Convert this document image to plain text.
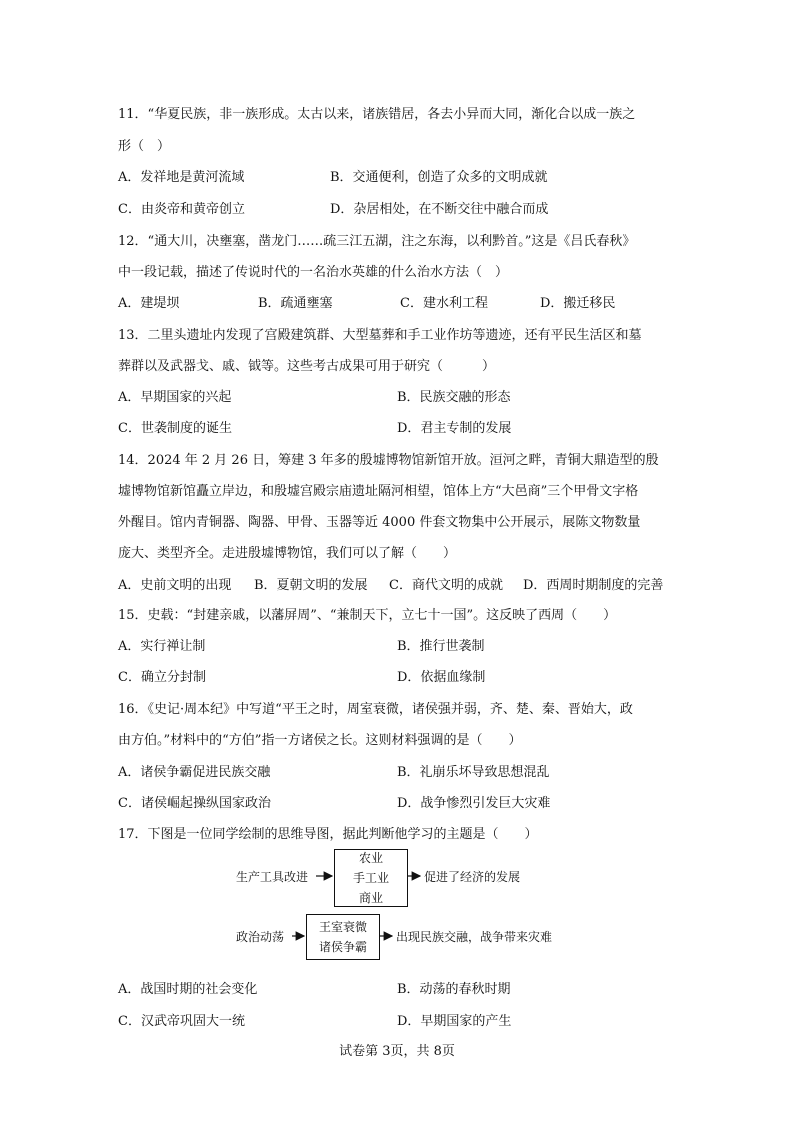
11．“华夏民族，非一族形成。太古以来，诸族错居，各去小异而大同，渐化合以成一族之
形（　）
A．发祥地是黄河流域	B．交通便利，创造了众多的文明成就
C．由炎帝和黄帝创立	D．杂居相处，在不断交往中融合而成
12．“通大川，决壅塞，凿龙门……疏三江五湖，注之东海，以利黔首。”这是《吕氏春秋》
中一段记载，描述了传说时代的一名治水英雄的什么治水方法（　）
A．建堤坝	B．疏通壅塞	C．建水利工程	D．搬迁移民
13．二里头遗址内发现了宫殿建筑群、大型墓葬和手工业作坊等遗迹，还有平民生活区和墓
葬群以及武器戈、戚、钺等。这些考古成果可用于研究（　　　）
A．早期国家的兴起	B．民族交融的形态
C．世袭制度的诞生	D．君主专制的发展
14．2024 年 2 月 26 日，筹建 3 年多的殷墟博物馆新馆开放。洹河之畔，青铜大鼎造型的殷
墟博物馆新馆矗立岸边，和殷墟宫殿宗庙遗址隔河相望，馆体上方“大邑商”三个甲骨文字格
外醒目。馆内青铜器、陶器、甲骨、玉器等近 4000 件套文物集中公开展示，展陈文物数量
庞大、类型齐全。走进殷墟博物馆，我们可以了解（　　）
A．史前文明的出现 B．夏朝文明的发展 C．商代文明的成就 D．西周时期制度的完善
15．史载：“封建亲戚，以藩屏周”、“兼制天下，立七十一国”。这反映了西周（　　）
A．实行禅让制	B．推行世袭制
C．确立分封制	D．依据血缘制
16．《史记·周本纪》中写道“平王之时，周室衰微，诸侯强并弱，齐、楚、秦、晋始大，政
由方伯。”材料中的“方伯”指一方诸侯之长。这则材料强调的是（　　）
A．诸侯争霸促进民族交融	B．礼崩乐坏导致思想混乱
C．诸侯崛起操纵国家政治	D．战争惨烈引发巨大灾难
17．下图是一位同学绘制的思维导图，据此判断他学习的主题是（　　）
生产工具改进
农业
手工业
商业
促进了经济的发展
政治动荡
王室衰微
诸侯争霸
出现民族交融，战争带来灾难
A．战国时期的社会变化	B．动荡的春秋时期
C．汉武帝巩固大一统	D．早期国家的产生
试卷第 3页，共 8页
